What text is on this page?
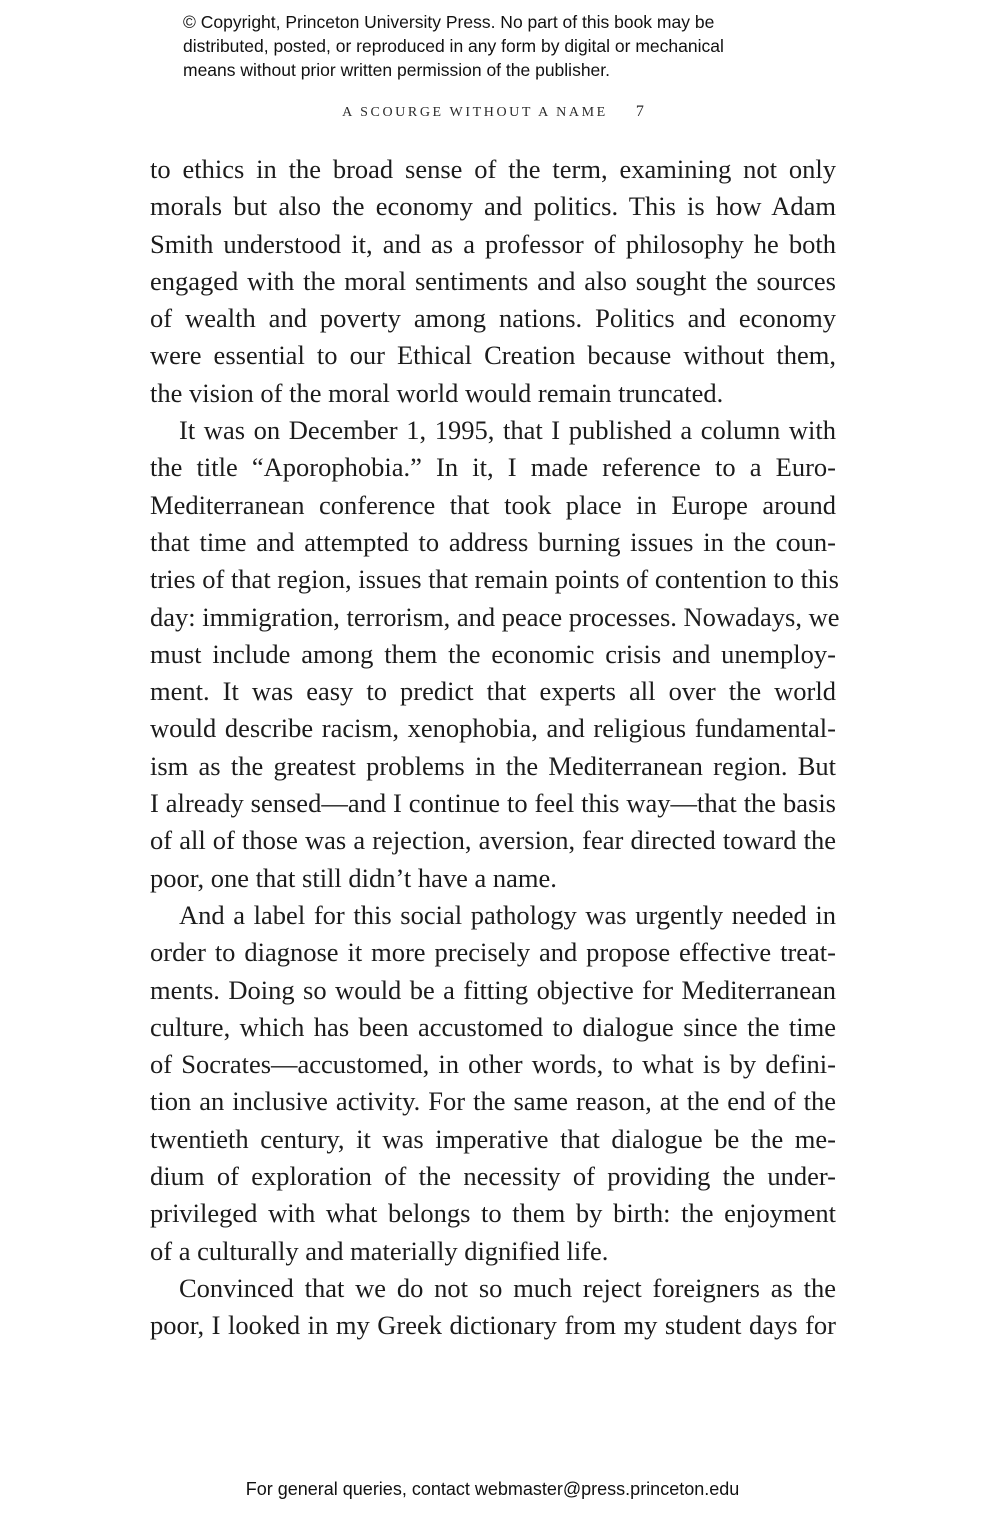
© Copyright, Princeton University Press. No part of this book may be
distributed, posted, or reproduced in any form by digital or mechanical
means without prior written permission of the publisher.
A SCOURGE WITHOUT A NAME 7
to ethics in the broad sense of the term, examining not only
morals but also the economy and politics. This is how Adam
Smith understood it, and as a professor of philosophy he both
engaged with the moral sentiments and also sought the sources
of wealth and poverty among nations. Politics and economy
were essential to our Ethical Creation because without them,
the vision of the moral world would remain truncated.
It was on December 1, 1995, that I published a column with
the title “Aporophobia.” In it, I made reference to a Euro-
Mediterranean conference that took place in Europe around
that time and attempted to address burning issues in the coun-
tries of that region, issues that remain points of contention to this
day: immigration, terrorism, and peace processes. Nowadays, we
must include among them the economic crisis and unemploy-
ment. It was easy to predict that experts all over the world
would describe racism, xenophobia, and religious fundamental-
ism as the greatest problems in the Mediterranean region. But
I already sensed—and I continue to feel this way—that the basis
of all of those was a rejection, aversion, fear directed toward the
poor, one that still didn’t have a name.
And a label for this social pathology was urgently needed in
order to diagnose it more precisely and propose effective treat-
ments. Doing so would be a fitting objective for Mediterranean
culture, which has been accustomed to dialogue since the time
of Socrates—accustomed, in other words, to what is by defini-
tion an inclusive activity. For the same reason, at the end of the
twentieth century, it was imperative that dialogue be the me-
dium of exploration of the necessity of providing the under-
privileged with what belongs to them by birth: the enjoyment
of a culturally and materially dignified life.
Convinced that we do not so much reject foreigners as the
poor, I looked in my Greek dictionary from my student days for
For general queries, contact webmaster@press.princeton.edu
